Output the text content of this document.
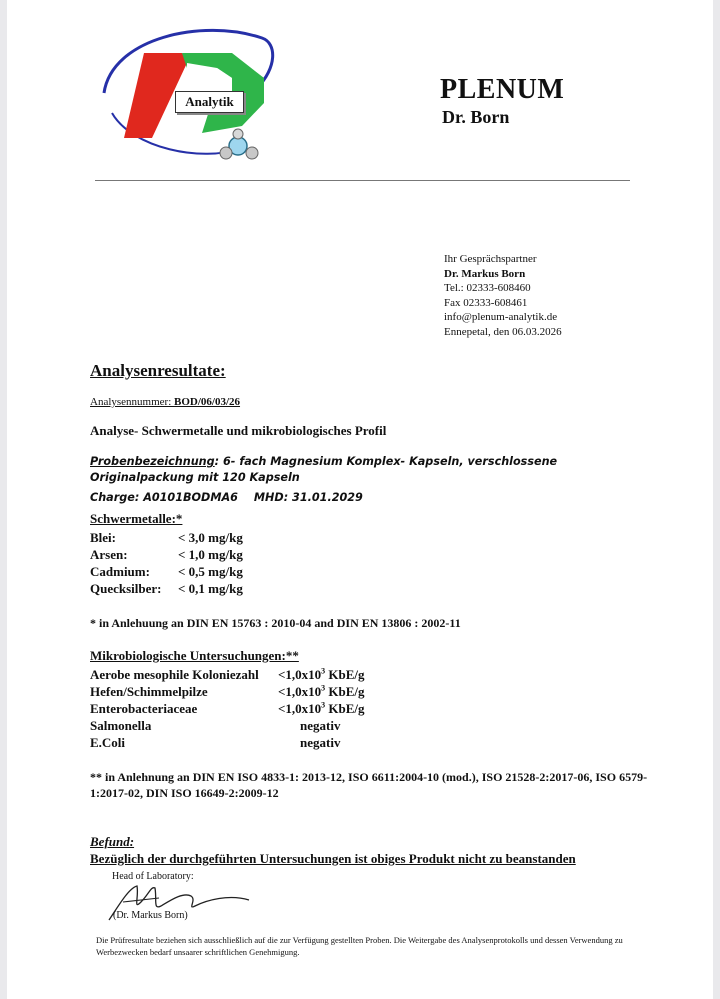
Analytik	PLENUM
Dr. Born
Ihr Gesprächspartner
Dr. Markus Born
Tel.: 02333-608460
Fax 02333-608461
info@plenum-analytik.de
Ennepetal, den 06.03.2026
Analysenresultate:
Analysennummer: BOD/06/03/26
Analyse- Schwermetalle und mikrobiologisches Profil
Probenbezeichnung: 6- fach Magnesium Komplex- Kapseln, verschlossene Originalpackung mit 120 Kapseln
Charge: A0101BODMA6 MHD: 31.01.2029
Schwermetalle:*
Blei:	< 3,0 mg/kg
Arsen:	< 1,0 mg/kg
Cadmium:	< 0,5 mg/kg
Quecksilber:	< 0,1 mg/kg
* in Anlehuung an DIN EN 15763 : 2010-04 and DIN EN 13806 : 2002-11
Mikrobiologische Untersuchungen:**
Aerobe mesophile Koloniezahl	$<1,0x10^3$ KbE/g
Hefen/Schimmelpilze	$<1,0x10^3$ KbE/g
Enterobacteriaceae	$<1,0x10^3$ KbE/g
Salmonella	negativ
E.Coli	negativ
** in Anlehnung an DIN EN ISO 4833-1: 2013-12, ISO 6611:2004-10 (mod.), ISO 21528-2:2017-06, ISO 6579-1:2017-02, DIN ISO 16649-2:2009-12
Befund:
Bezüglich der durchgeführten Untersuchungen ist obiges Produkt nicht zu beanstanden
Head of Laboratory:
(Dr. Markus Born)
Die Prüfresultate beziehen sich ausschließlich auf die zur Verfügung gestellten Proben. Die Weitergabe des Analysenprotokolls und dessen Verwendung zu Werbezwecken bedarf unsaarer schriftlichen Genehmigung.
